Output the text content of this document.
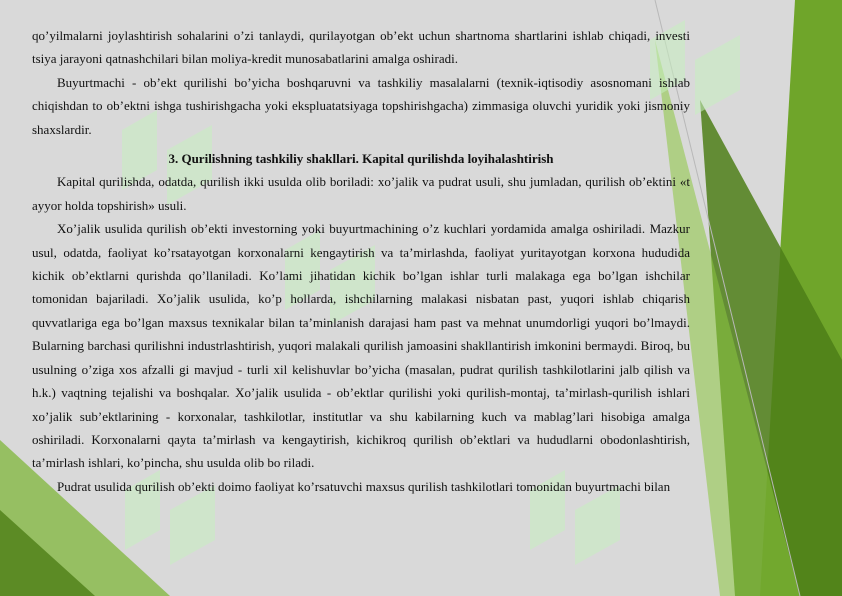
qo’yilmalarni joylashtirish sohalarini o’zi tanlaydi, qurilayotgan ob’ekt uchun shartnoma shartlarini ishlab chiqadi, investi tsiya jarayoni qatnashchilari bilan moliya-kredit munosabatlarini amalga oshiradi.

Buyurtmachi - ob’ekt qurilishi bo’yicha boshqaruvni va tashkiliy masalalarni (texnik-iqtisodiy asosnomani ishlab chiqishdan to ob’ektni ishga tushirishgacha yoki ekspluatatsiyaga topshirishgacha) zimmasiga oluvchi yuridik yoki jismoniy shaxslardir.

3. Qurilishning tashkiliy shakllari. Kapital qurilishda loyihalashtirish

Kapital qurilishda, odatda, qurilish ikki usulda olib boriladi: xo’jalik va pudrat usuli, shu jumladan, qurilish ob’ektini «t ayyor holda topshirish» usuli.

Xo’jalik usulida qurilish ob’ekti investorning yoki buyurtmachining o’z kuchlari yordamida amalga oshiriladi. Mazkur usul, odatda, faoliyat ko’rsatayotgan korxonalarni kengaytirish va ta’mirlashda, faoliyat yuritayotgan korxona hududida kichik ob’ektlarni qurishda qo’llaniladi. Ko’lami jihatidan kichik bo’lgan ishlar turli malakaga ega bo’lgan ishchilar tomonidan bajariladi. Xo’jalik usulida, ko’p hollarda, ishchilarning malakasi nisbatan past, yuqori ishlab chiqarish quvvatlariga ega bo’lgan maxsus texnikalar bilan ta’minlanish darajasi ham past va mehnat unumdorligi yuqori bo’lmaydi. Bularning barchasi qurilishni industrlashtirish, yuqori malakali qurilish jamoasini shakllantirish imkonini bermaydi. Biroq, bu usulning o’ziga xos afzalli gi mavjud - turli xil kelishuvlar bo’yicha (masalan, pudrat qurilish tashkilotlarini jalb qilish va h.k.) vaqtning tejalishi va boshqalar. Xo’jalik usulida - ob’ektlar qurilishi yoki qurilish-montaj, ta’mirlash-qurilish ishlari xo’jalik sub’ektlarining - korxonalar, tashkilotlar, institutlar va shu kabilarning kuch va mablag’lari hisobiga amalga oshiriladi. Korxonalarni qayta ta’mirlash va kengaytirish, kichikroq qurilish ob’ektlari va hududlarni obodonlashtirish, ta’mirlash ishlari, ko’pincha, shu usulda olib bo riladi.

Pudrat usulida qurilish ob’ekti doimo faoliyat ko’rsatuvchi maxsus qurilish tashkilotlari tomonidan buyurtmachi bilan
